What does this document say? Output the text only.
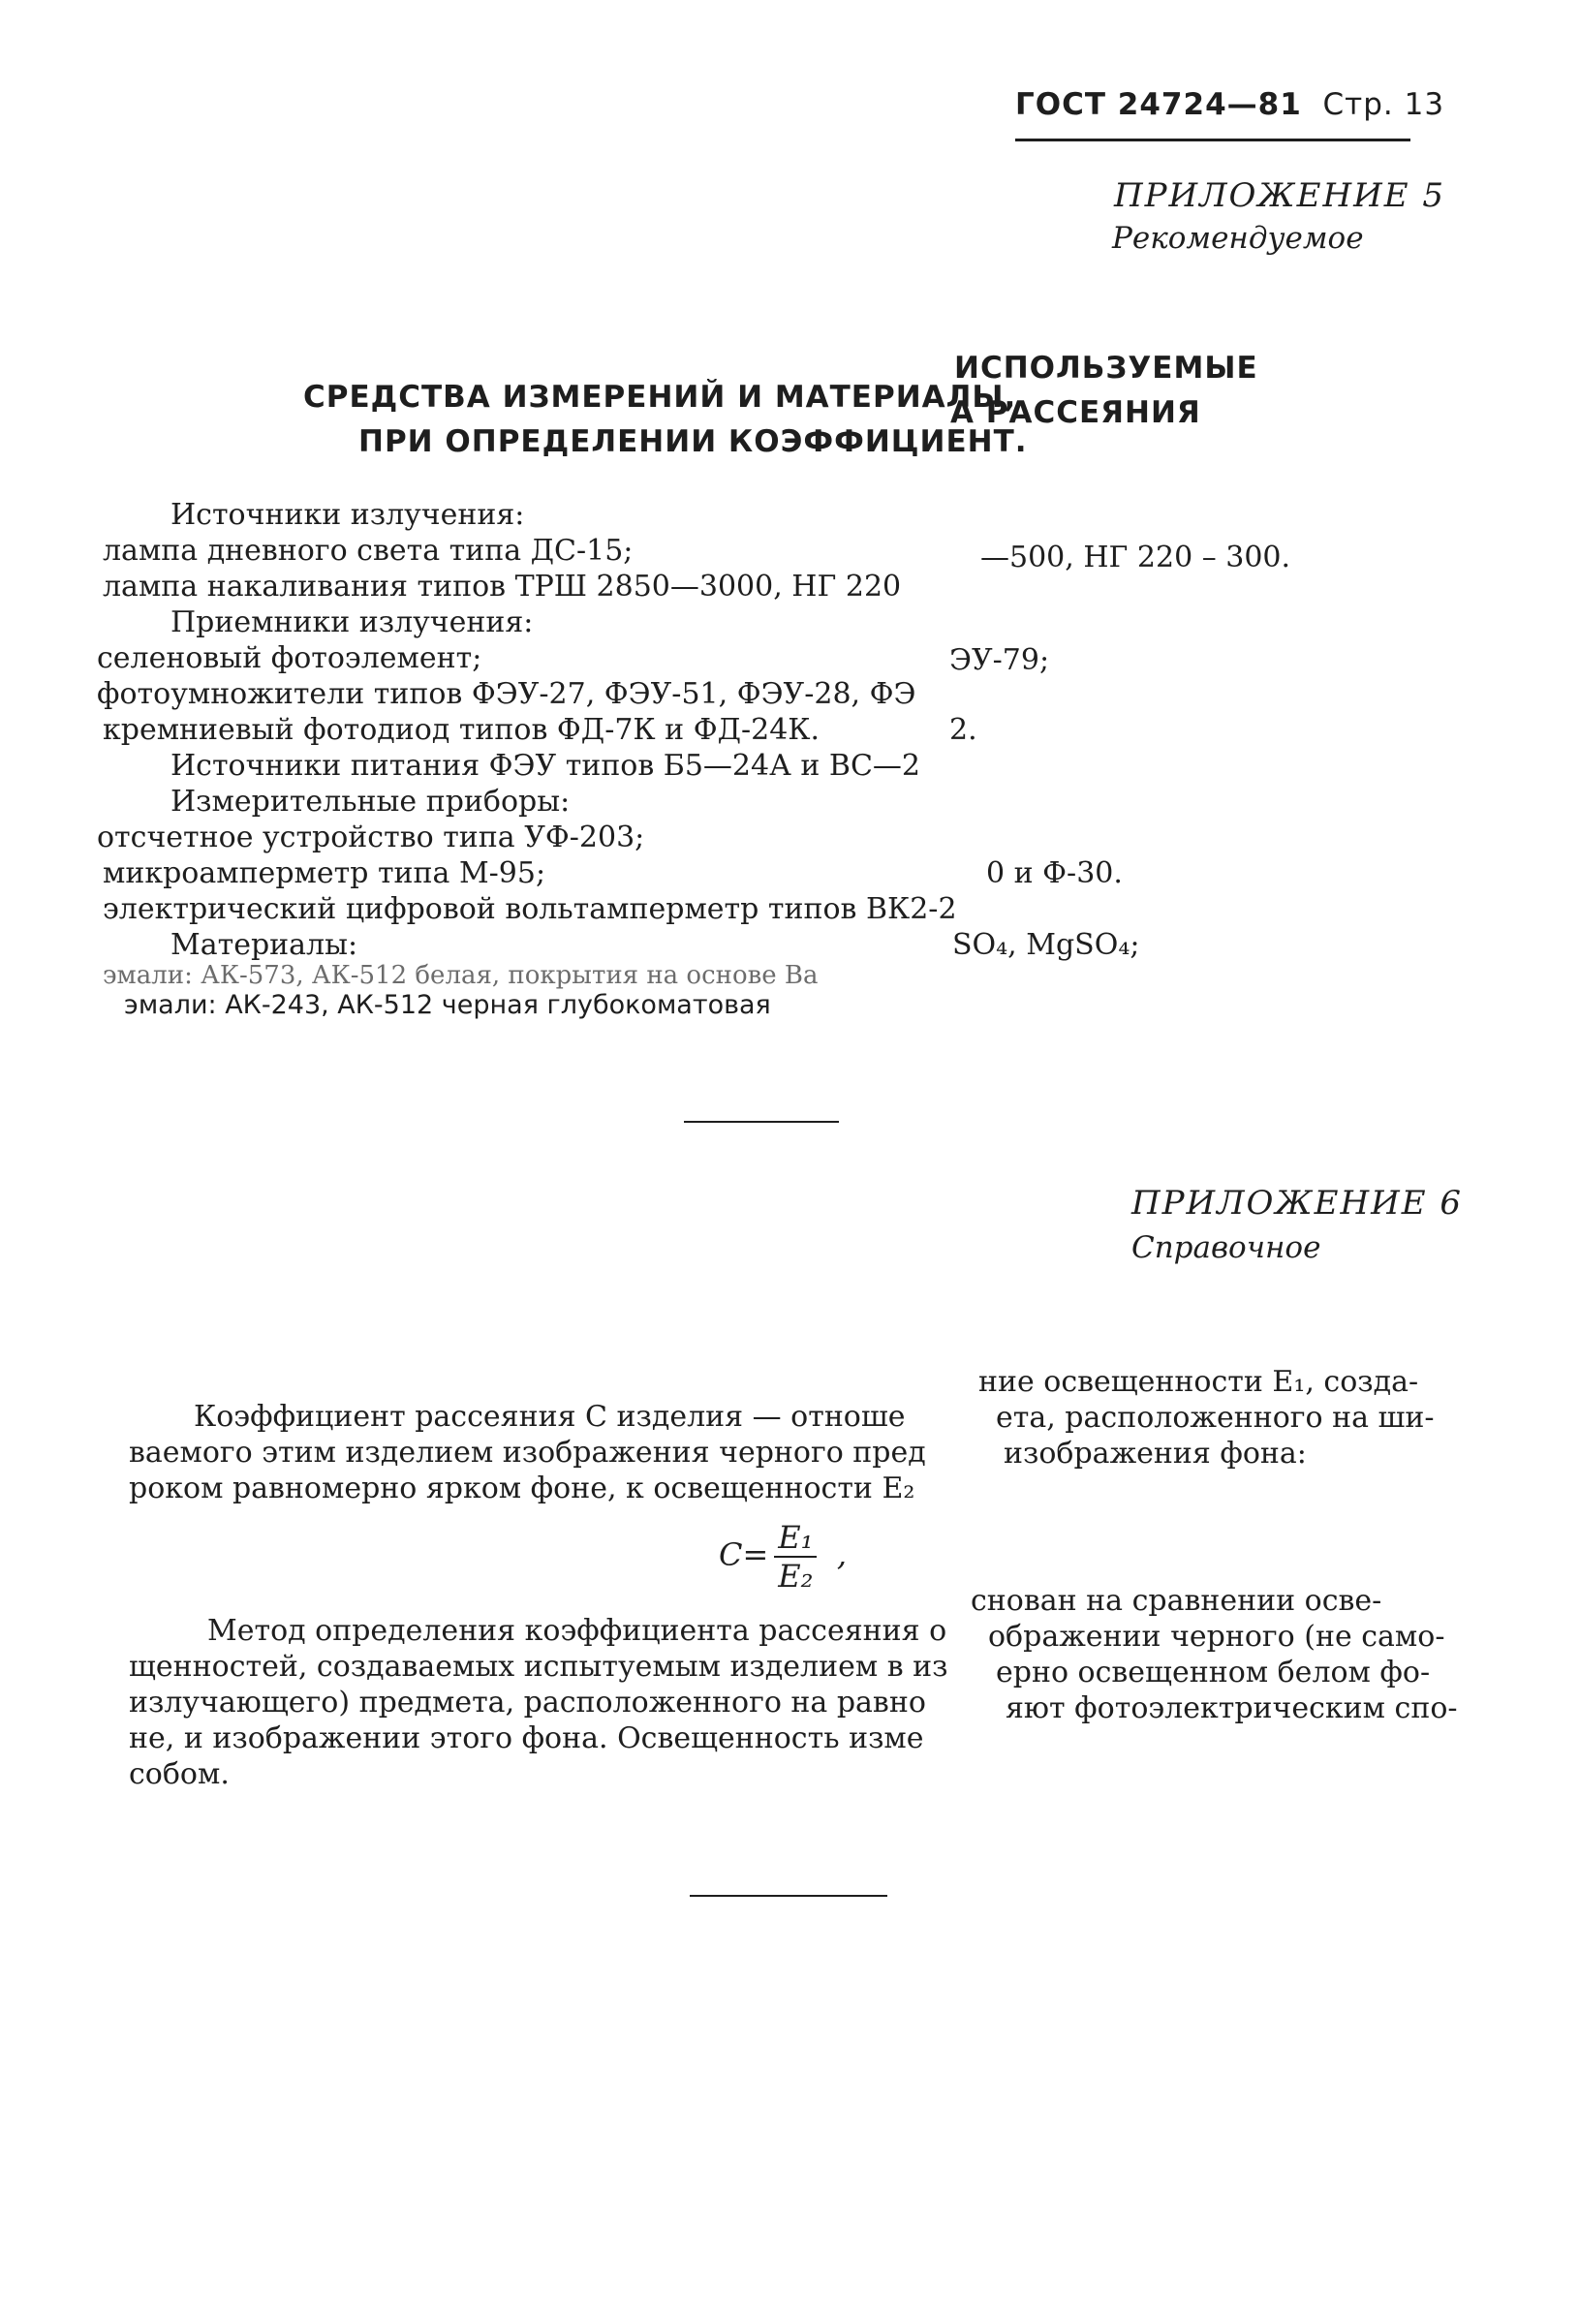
ГОСТ 24724—81 Стр. 13
ПРИЛОЖЕНИЕ 5
Рекомендуемое
ИСПОЛЬЗУЕМЫЕ
СРЕДСТВА ИЗМЕРЕНИЙ И МАТЕРИАЛЫ,
А РАССЕЯНИЯ
ПРИ ОПРЕДЕЛЕНИИ КОЭФФИЦИЕНТ.
Источники излучения:
лампа дневного света типа ДС-15;
лампа накаливания типов ТРШ 2850—3000, НГ 220
—500, НГ 220 – 300.
Приемники излучения:
селеновый фотоэлемент;
фотоумножители типов ФЭУ-27, ФЭУ-51, ФЭУ-28, ФЭ
ЭУ-79;
кремниевый фотодиод типов ФД-7К и ФД-24К.	2.
Источники питания ФЭУ типов Б5—24А и ВС—2
Измерительные приборы:
отсчетное устройство типа УФ-203;
микроамперметр типа М-95;	0 и Ф-30.
электрический цифровой вольтамперметр типов ВК2-2
Материалы:	SO₄, MgSO₄;
эмали: АК-573, АК-512 белая, покрытия на основе Ва
эмали: АК-243, АК-512 черная глубокоматовая
ПРИЛОЖЕНИЕ 6
Справочное
Коэффициент рассеяния С изделия — отноше
ваемого этим изделием изображения черного пред
роком равномерно ярком фоне, к освещенности Е₂
ние освещенности Е₁, созда-
ета, расположенного на ши-
изображения фона:
$С= \frac{\text{Е₁}}{\text{Е₂}}$ ,
Метод определения коэффициента рассеяния о
щенностей, создаваемых испытуемым изделием в из
излучающего) предмета, расположенного на равно
не, и изображении этого фона. Освещенность изме
собом.
снован на сравнении осве-
ображении черного (не само-
ерно освещенном белом фо-
яют фотоэлектрическим спо-
